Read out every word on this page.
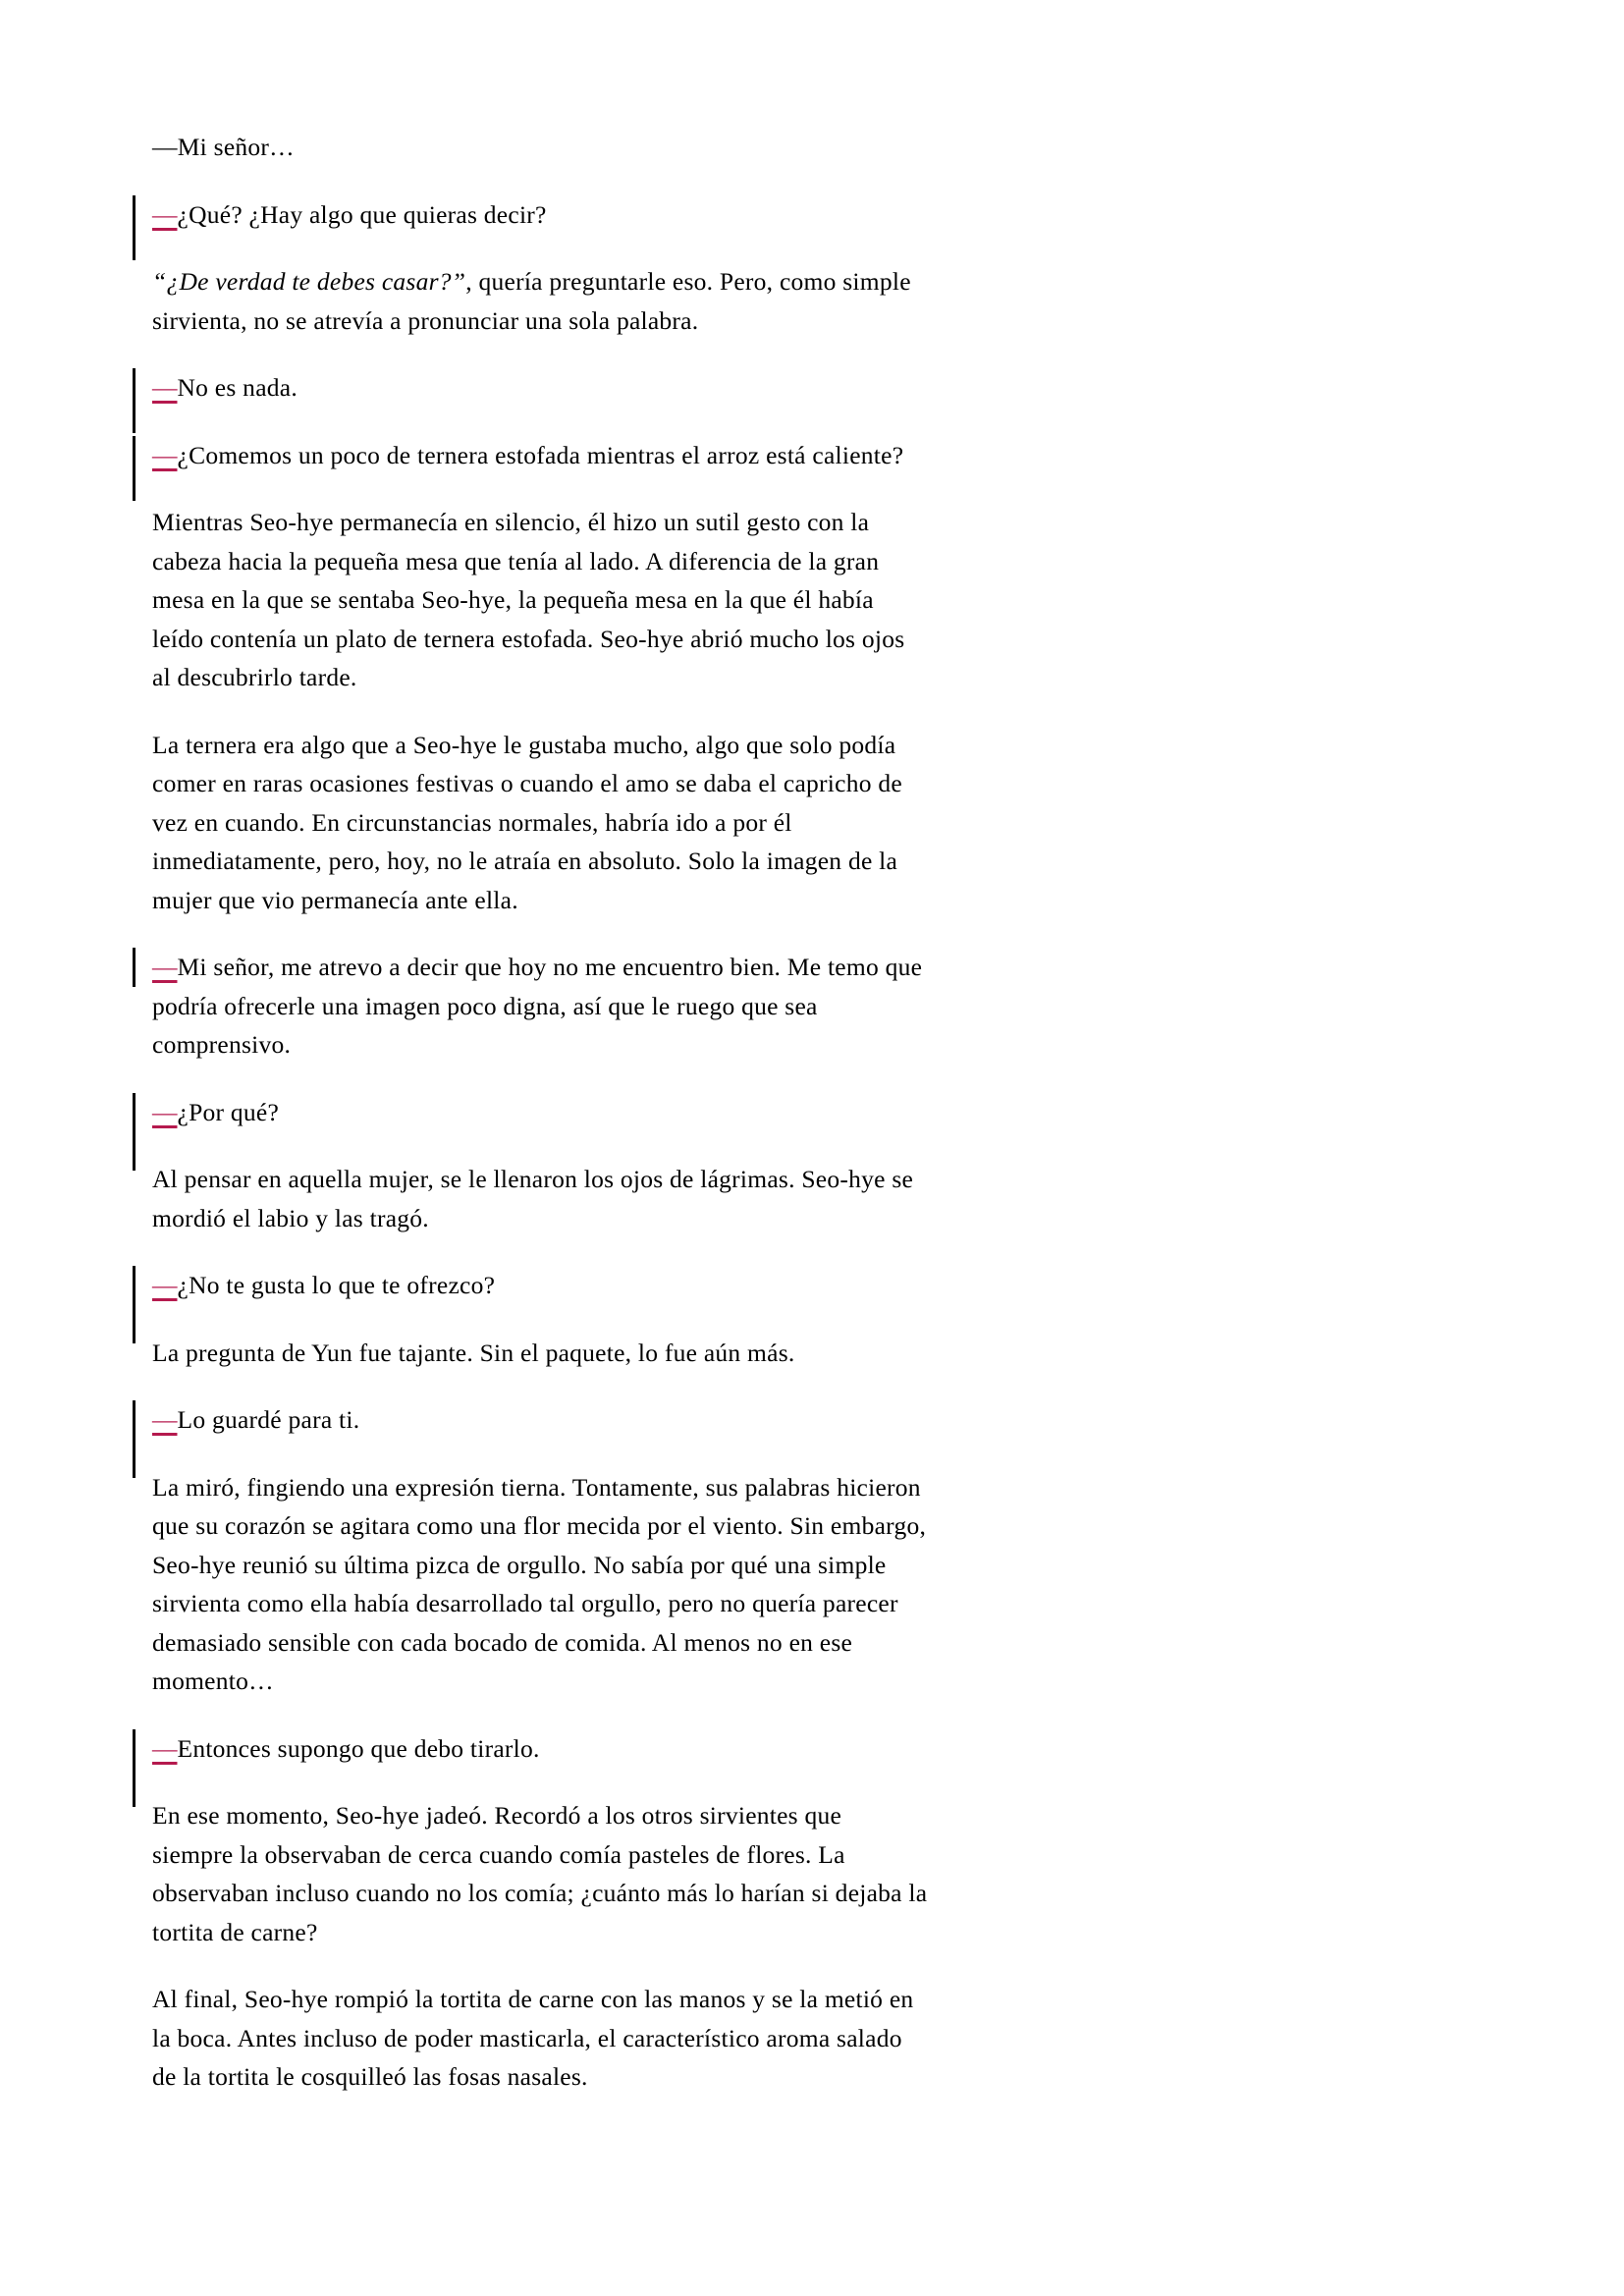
—Mi señor…

—¿Qué? ¿Hay algo que quieras decir?

“¿De verdad te debes casar?”, quería preguntarle eso. Pero, como simple sirvienta, no se atrevía a pronunciar una sola palabra.

—No es nada.

—¿Comemos un poco de ternera estofada mientras el arroz está caliente?

Mientras Seo-hye permanecía en silencio, él hizo un sutil gesto con la cabeza hacia la pequeña mesa que tenía al lado. A diferencia de la gran mesa en la que se sentaba Seo-hye, la pequeña mesa en la que él había leído contenía un plato de ternera estofada. Seo-hye abrió mucho los ojos al descubrirlo tarde.

La ternera era algo que a Seo-hye le gustaba mucho, algo que solo podía comer en raras ocasiones festivas o cuando el amo se daba el capricho de vez en cuando. En circunstancias normales, habría ido a por él inmediatamente, pero, hoy, no le atraía en absoluto. Solo la imagen de la mujer que vio permanecía ante ella.

—Mi señor, me atrevo a decir que hoy no me encuentro bien. Me temo que podría ofrecerle una imagen poco digna, así que le ruego que sea comprensivo.

—¿Por qué?

Al pensar en aquella mujer, se le llenaron los ojos de lágrimas. Seo-hye se mordió el labio y las tragó.

—¿No te gusta lo que te ofrezco?

La pregunta de Yun fue tajante. Sin el paquete, lo fue aún más.

—Lo guardé para ti.

La miró, fingiendo una expresión tierna. Tontamente, sus palabras hicieron que su corazón se agitara como una flor mecida por el viento. Sin embargo, Seo-hye reunió su última pizca de orgullo. No sabía por qué una simple sirvienta como ella había desarrollado tal orgullo, pero no quería parecer demasiado sensible con cada bocado de comida. Al menos no en ese momento…

—Entonces supongo que debo tirarlo.

En ese momento, Seo-hye jadeó. Recordó a los otros sirvientes que siempre la observaban de cerca cuando comía pasteles de flores. La observaban incluso cuando no los comía; ¿cuánto más lo harían si dejaba la tortita de carne?

Al final, Seo-hye rompió la tortita de carne con las manos y se la metió en la boca. Antes incluso de poder masticarla, el característico aroma salado de la tortita le cosquilleó las fosas nasales.
